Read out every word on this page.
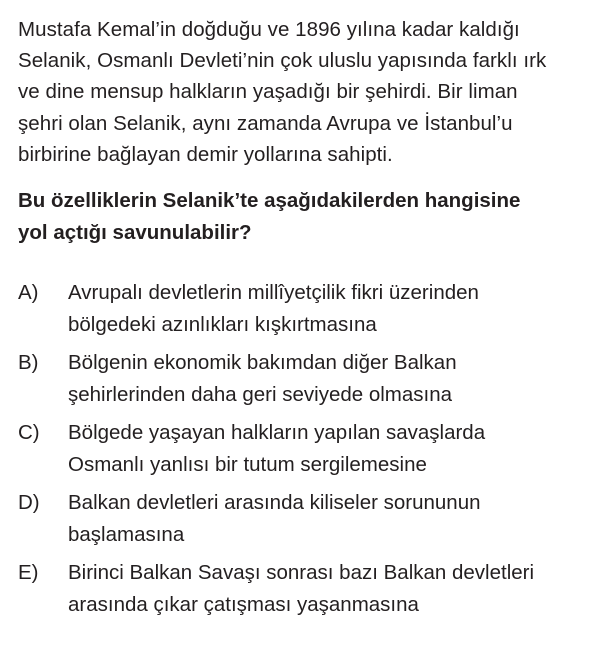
Mustafa Kemal’in doğduğu ve 1896 yılına kadar kaldığı
Selanik, Osmanlı Devleti’nin çok uluslu yapısında farklı ırk
ve dine mensup halkların yaşadığı bir şehirdi. Bir liman
şehri olan Selanik, aynı zamanda Avrupa ve İstanbul’u
birbirine bağlayan demir yollarına sahipti.

Bu özelliklerin Selanik’te aşağıdakilerden hangisine
yol açtığı savunulabilir?

A)	Avrupalı devletlerin millîyetçilik fikri üzerinden
bölgedeki azınlıkları kışkırtmasına
B)	Bölgenin ekonomik bakımdan diğer Balkan
şehirlerinden daha geri seviyede olmasına
C)	Bölgede yaşayan halkların yapılan savaşlarda
Osmanlı yanlısı bir tutum sergilemesine
D)	Balkan devletleri arasında kiliseler sorununun
başlamasına
E)	Birinci Balkan Savaşı sonrası bazı Balkan devletleri
arasında çıkar çatışması yaşanmasına
